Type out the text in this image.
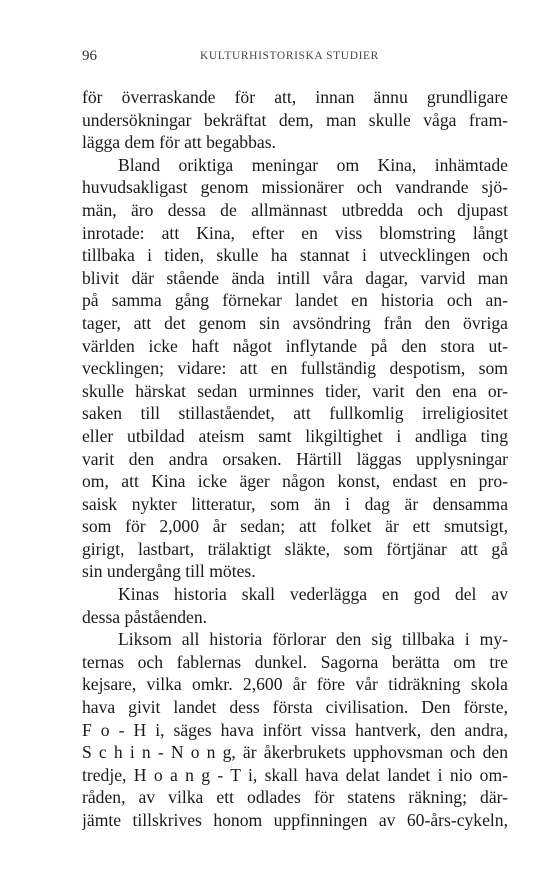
96	KULTURHISTORISKA STUDIER
för överraskande för att, innan ännu grundligare
undersökningar bekräftat dem, man skulle våga fram-
lägga dem för att begabbas.
Bland oriktiga meningar om Kina, inhämtade
huvudsakligast genom missionärer och vandrande sjö-
män, äro dessa de allmännast utbredda och djupast
inrotade: att Kina, efter en viss blomstring långt
tillbaka i tiden, skulle ha stannat i utvecklingen och
blivit där stående ända intill våra dagar, varvid man
på samma gång förnekar landet en historia och an-
tager, att det genom sin avsöndring från den övriga
världen icke haft något inflytande på den stora ut-
vecklingen; vidare: att en fullständig despotism, som
skulle härskat sedan urminnes tider, varit den ena or-
saken till stillaståendet, att fullkomlig irreligiositet
eller utbildad ateism samt likgiltighet i andliga ting
varit den andra orsaken. Härtill läggas upplysningar
om, att Kina icke äger någon konst, endast en pro-
saisk nykter litteratur, som än i dag är densamma
som för 2,000 år sedan; att folket är ett smutsigt,
girigt, lastbart, trälaktigt släkte, som förtjänar att gå
sin undergång till mötes.
Kinas historia skall vederlägga en god del av
dessa påståenden.
Liksom all historia förlorar den sig tillbaka i my-
ternas och fablernas dunkel. Sagorna berätta om tre
kejsare, vilka omkr. 2,600 år före vår tidräkning skola
hava givit landet dess första civilisation. Den förste,
F o - H i, säges hava infört vissa hantverk, den andra,
S c h i n - N o n g, är åkerbrukets upphovsman och den
tredje, H o a n g - T i, skall hava delat landet i nio om-
råden, av vilka ett odlades för statens räkning; där-
jämte tillskrives honom uppfinningen av 60-års-cykeln,
